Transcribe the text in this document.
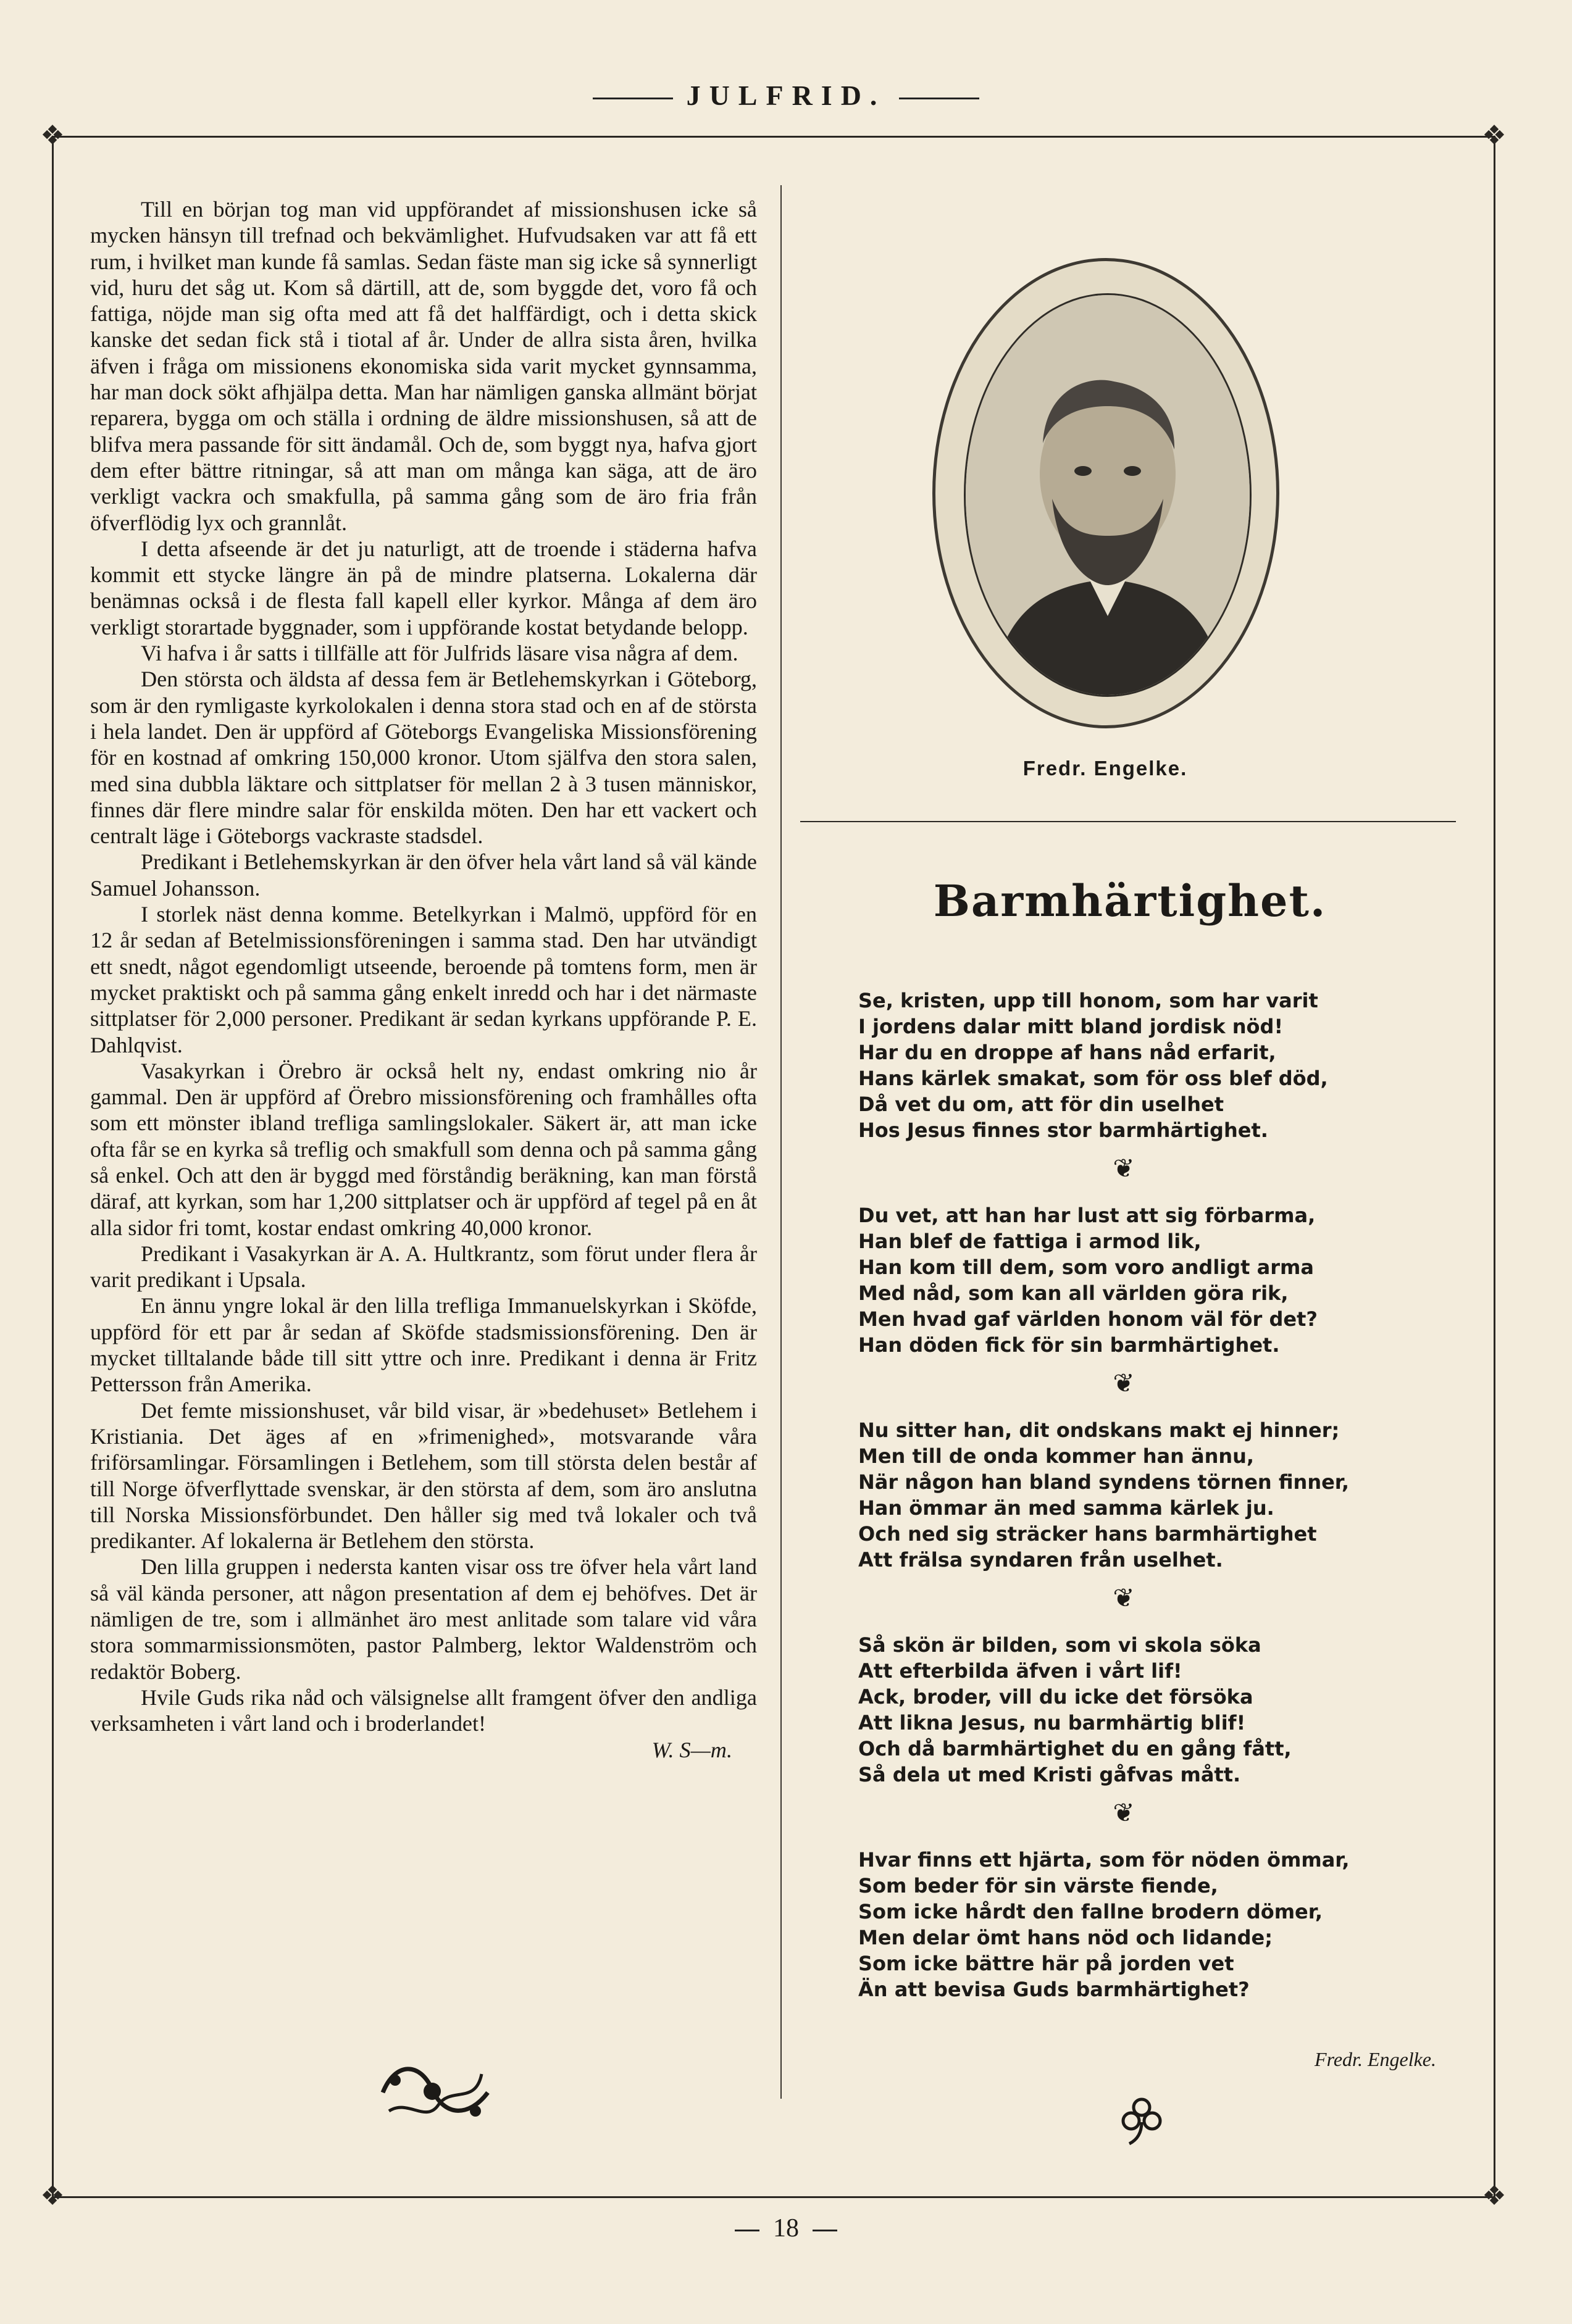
JULFRID.
❖	❖
❖	❖

Till en början tog man vid uppförandet af missionshusen icke så mycken hänsyn till trefnad och bekvämlighet. Hufvudsaken var att få ett rum, i hvilket man kunde få samlas. Sedan fäste man sig icke så synnerligt vid, huru det såg ut. Kom så därtill, att de, som byggde det, voro få och fattiga, nöjde man sig ofta med att få det halffärdigt, och i detta skick kanske det sedan fick stå i tiotal af år. Under de allra sista åren, hvilka äfven i fråga om missionens ekonomiska sida varit mycket gynnsamma, har man dock sökt afhjälpa detta. Man har nämligen ganska allmänt börjat reparera, bygga om och ställa i ordning de äldre missionshusen, så att de blifva mera passande för sitt ändamål. Och de, som byggt nya, hafva gjort dem efter bättre ritningar, så att man om många kan säga, att de äro verkligt vackra och smakfulla, på samma gång som de äro fria från öfverflödig lyx och grannlåt.

I detta afseende är det ju naturligt, att de troende i städerna hafva kommit ett stycke längre än på de mindre platserna. Lokalerna där benämnas också i de flesta fall kapell eller kyrkor. Många af dem äro verkligt storartade byggnader, som i uppförande kostat betydande belopp.

Vi hafva i år satts i tillfälle att för Julfrids läsare visa några af dem.

Den största och äldsta af dessa fem är Betlehemskyrkan i Göteborg, som är den rymligaste kyrkolokalen i denna stora stad och en af de största i hela landet. Den är uppförd af Göteborgs Evangeliska Missionsförening för en kostnad af omkring 150,000 kronor. Utom själfva den stora salen, med sina dubbla läktare och sittplatser för mellan 2 à 3 tusen människor, finnes där flere mindre salar för enskilda möten. Den har ett vackert och centralt läge i Göteborgs vackraste stadsdel.

Predikant i Betlehemskyrkan är den öfver hela vårt land så väl kände Samuel Johansson.

I storlek näst denna komme. Betelkyrkan i Malmö, uppförd för en 12 år sedan af Betelmissionsföreningen i samma stad. Den har utvändigt ett snedt, något egendomligt utseende, beroende på tomtens form, men är mycket praktiskt och på samma gång enkelt inredd och har i det närmaste sittplatser för 2,000 personer. Predikant är sedan kyrkans uppförande P. E. Dahlqvist.

Vasakyrkan i Örebro är också helt ny, endast omkring nio år gammal. Den är uppförd af Örebro missionsförening och framhålles ofta som ett mönster ibland trefliga samlingslokaler. Säkert är, att man icke ofta får se en kyrka så treflig och smakfull som denna och på samma gång så enkel. Och att den är byggd med förståndig beräkning, kan man förstå däraf, att kyrkan, som har 1,200 sittplatser och är uppförd af tegel på en åt alla sidor fri tomt, kostar endast omkring 40,000 kronor.

Predikant i Vasakyrkan är A. A. Hultkrantz, som förut under flera år varit predikant i Upsala.

En ännu yngre lokal är den lilla trefliga Immanuelskyrkan i Sköfde, uppförd för ett par år sedan af Sköfde stadsmissionsförening. Den är mycket tilltalande både till sitt yttre och inre. Predikant i denna är Fritz Pettersson från Amerika.

Det femte missionshuset, vår bild visar, är »bedehuset» Betlehem i Kristiania. Det äges af en »frimenighed», motsvarande våra friförsamlingar. Församlingen i Betlehem, som till största delen består af till Norge öfverflyttade svenskar, är den största af dem, som äro anslutna till Norska Missionsförbundet. Den håller sig med två lokaler och två predikanter. Af lokalerna är Betlehem den största.

Den lilla gruppen i nedersta kanten visar oss tre öfver hela vårt land så väl kända personer, att någon presentation af dem ej behöfves. Det är nämligen de tre, som i allmänhet äro mest anlitade som talare vid våra stora sommarmissionsmöten, pastor Palmberg, lektor Waldenström och redaktör Boberg.

Hvile Guds rika nåd och välsignelse allt framgent öfver den andliga verksamheten i vårt land och i broderlandet!

W. S—m.

Fredr. Engelke.
Barmhärtighet.
Se, kristen, upp till honom, som har varit
I jordens dalar mitt bland jordisk nöd!
Har du en droppe af hans nåd erfarit,
Hans kärlek smakat, som för oss blef död,
Då vet du om, att för din uselhet
Hos Jesus finnes stor barmhärtighet.
❦
Du vet, att han har lust att sig förbarma,
Han blef de fattiga i armod lik,
Han kom till dem, som voro andligt arma
Med nåd, som kan all världen göra rik,
Men hvad gaf världen honom väl för det?
Han döden fick för sin barmhärtighet.
❦
Nu sitter han, dit ondskans makt ej hinner;
Men till de onda kommer han ännu,
När någon han bland syndens törnen finner,
Han ömmar än med samma kärlek ju.
Och ned sig sträcker hans barmhärtighet
Att frälsa syndaren från uselhet.
❦
Så skön är bilden, som vi skola söka
Att efterbilda äfven i vårt lif!
Ack, broder, vill du icke det försöka
Att likna Jesus, nu barmhärtig blif!
Och då barmhärtighet du en gång fått,
Så dela ut med Kristi gåfvas mått.
❦
Hvar finns ett hjärta, som för nöden ömmar,
Som beder för sin värste fiende,
Som icke hårdt den fallne brodern dömer,
Men delar ömt hans nöd och lidande;
Som icke bättre här på jorden vet
Än att bevisa Guds barmhärtighet?
Fredr. Engelke.
18
